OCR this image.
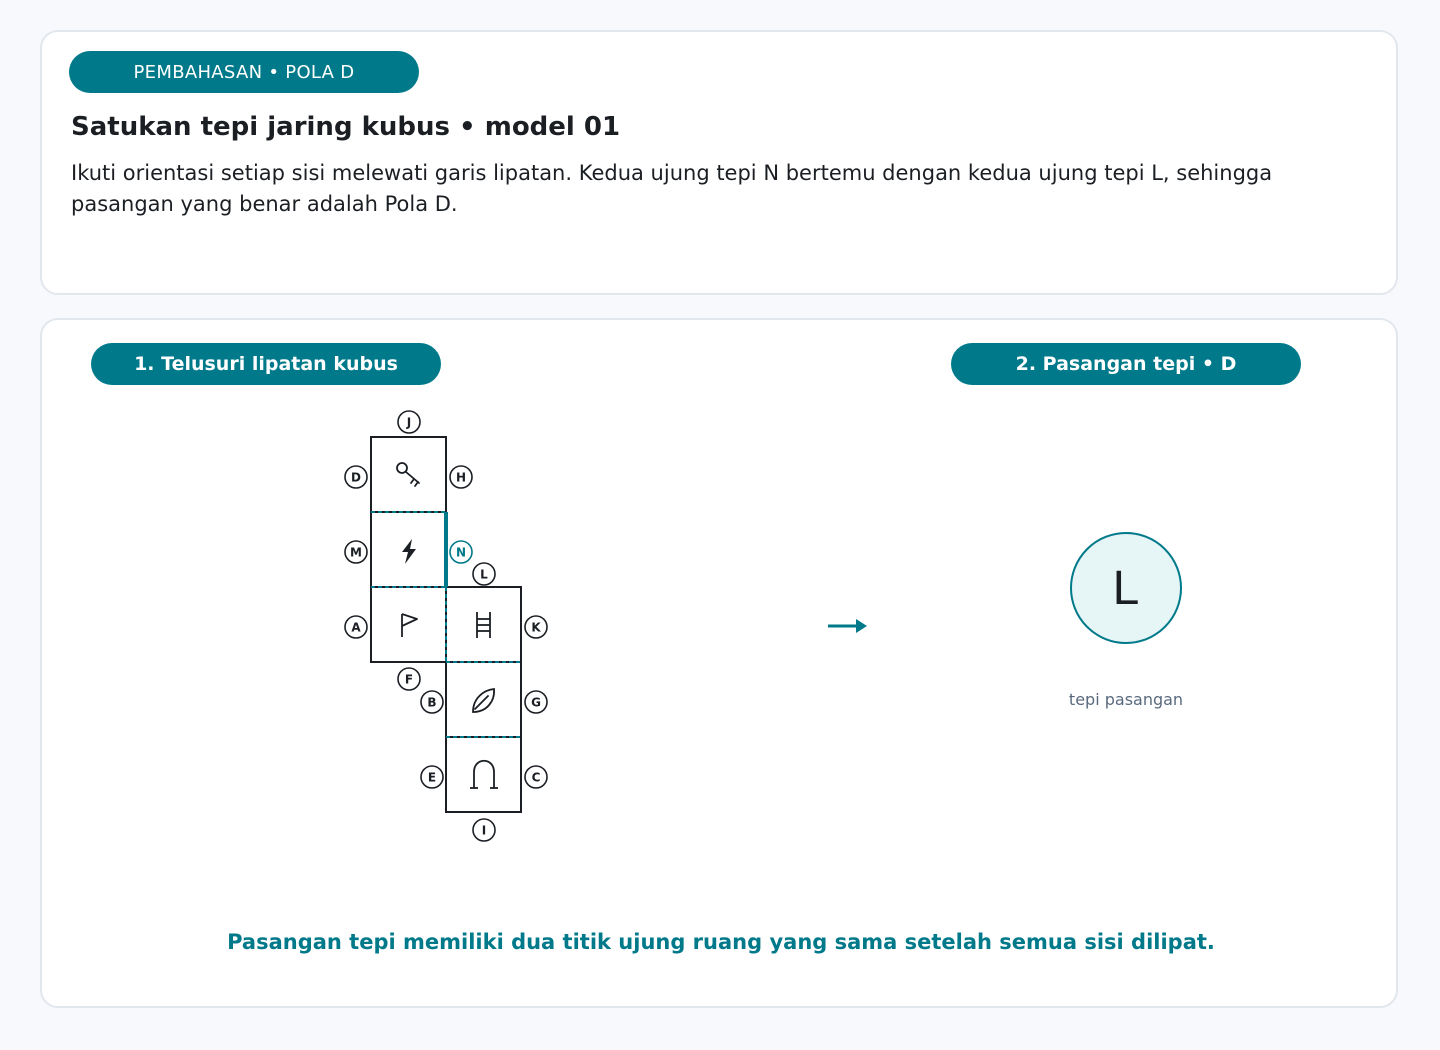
PEMBAHASAN • POLA D
Satukan tepi jaring kubus • model 01

Ikuti orientasi setiap sisi melewati garis lipatan. Kedua ujung tepi N bertemu dengan kedua ujung tepi L, sehingga pasangan yang benar adalah Pola D.

1. Telusuri lipatan kubus	2. Pasangan tepi • D
J
D	H
M	N
L
A	K
F
B	G
E	C
I
L
tepi pasangan
Pasangan tepi memiliki dua titik ujung ruang yang sama setelah semua sisi dilipat.
